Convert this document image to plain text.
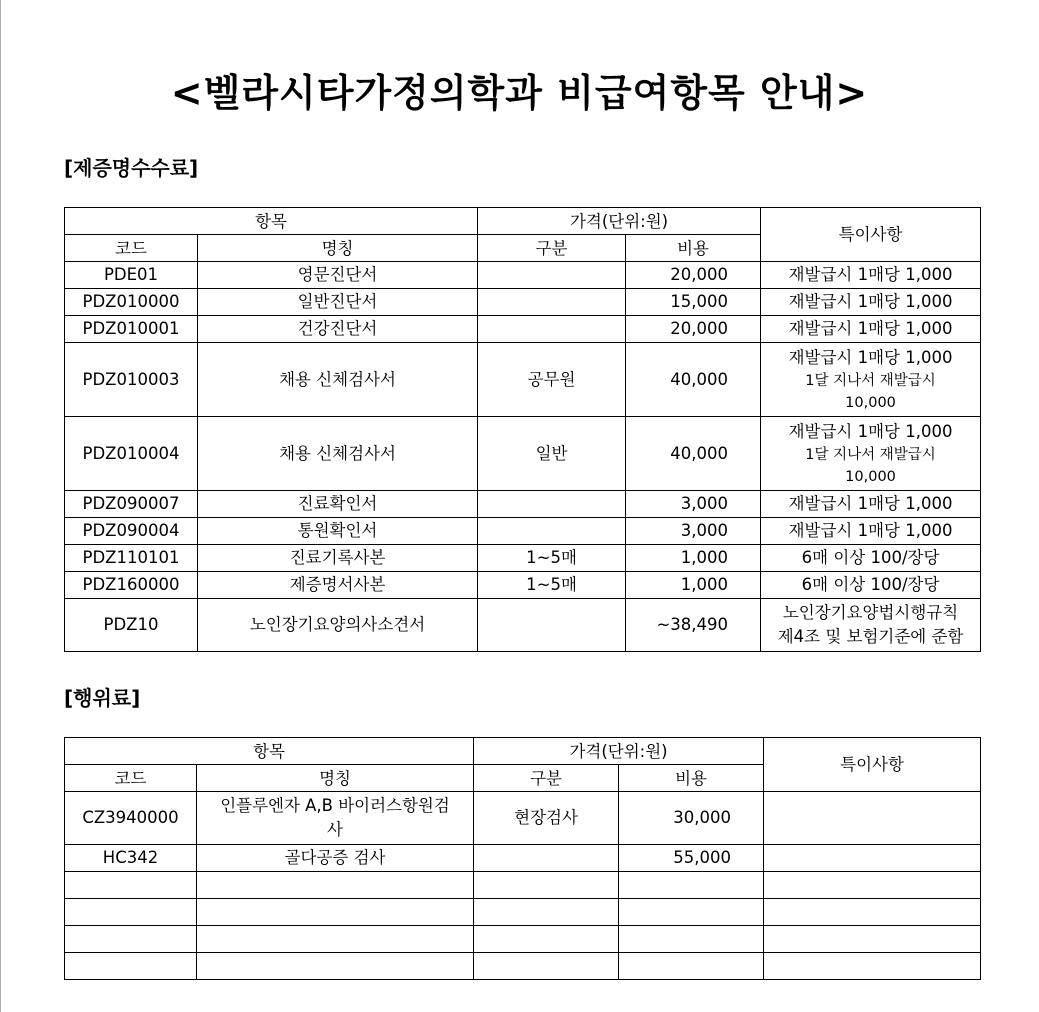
<벨라시타가정의학과 비급여항목 안내>
[제증명수수료]
항목		가격(단위:원)		특이사항
코드	명칭	구분	비용	
PDE01	영문진단서		20,000	재발급시 1매당 1,000
PDZ010000	일반진단서		15,000	재발급시 1매당 1,000
PDZ010001	건강진단서		20,000	재발급시 1매당 1,000
PDZ010003	채용 신체검사서	공무원	40,000	재발급시 1매당 1,000
1달 지나서 재발급시
10,000

PDZ010004	채용 신체검사서	일반	40,000	재발급시 1매당 1,000
1달 지나서 재발급시
10,000

PDZ090007	진료확인서		3,000	재발급시 1매당 1,000
PDZ090004	통원확인서		3,000	재발급시 1매당 1,000
PDZ110101	진료기록사본	1~5매	1,000	6매 이상 100/장당
PDZ160000	제증명서사본	1~5매	1,000	6매 이상 100/장당
PDZ10	노인장기요양의사소견서		~38,490	노인장기요양법시행규칙
제4조 및 보험기준에 준함
[행위료]
항목		가격(단위:원)		특이사항
코드	명칭	구분	비용	
CZ3940000	인플루엔자 A,B 바이러스항원검
사	현장검사	30,000	
HC342	골다공증 검사		55,000	
